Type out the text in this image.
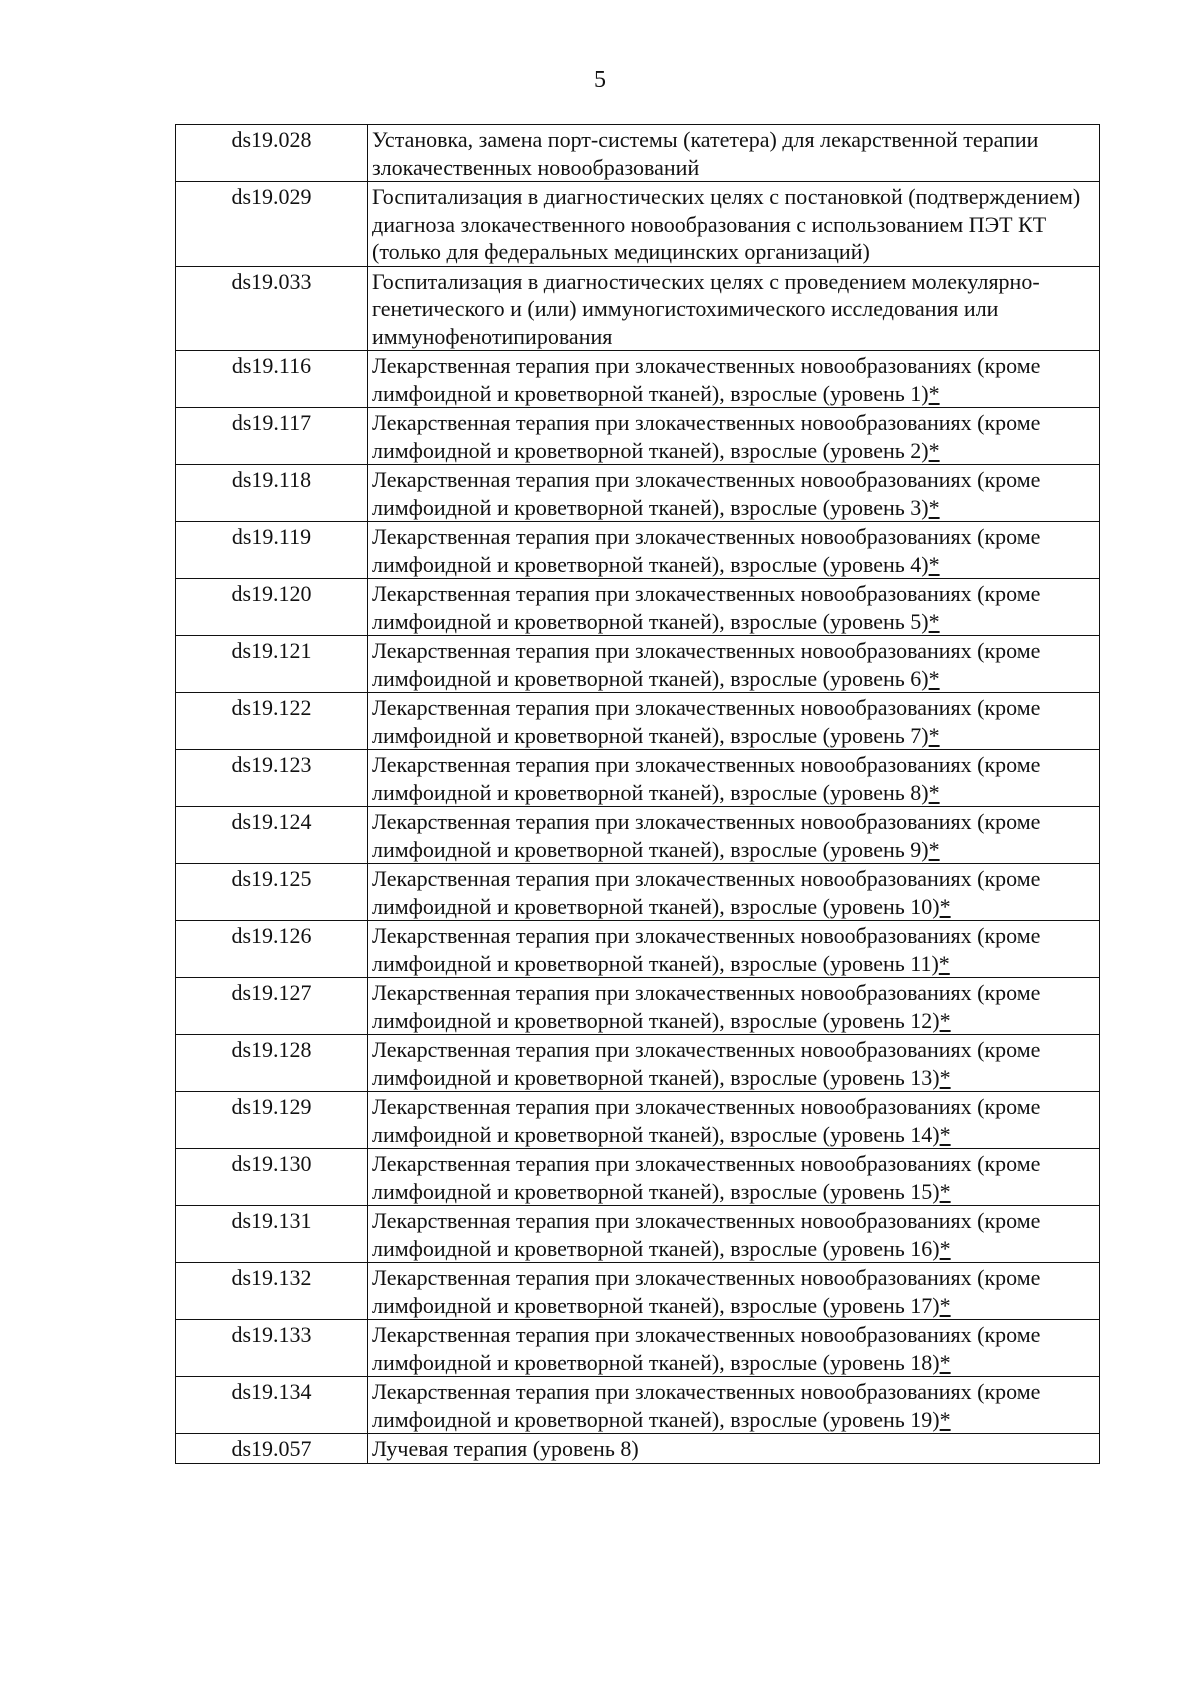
5
ds19.028	Установка, замена порт-системы (катетера) для лекарственной терапии злокачественных новообразований
ds19.029	Госпитализация в диагностических целях с постановкой (подтверждением) диагноза злокачественного новообразования с использованием ПЭТ КТ (только для федеральных медицинских организаций)
ds19.033	Госпитализация в диагностических целях с проведением молекулярно-генетического и (или) иммуногистохимического исследования или иммунофенотипирования
ds19.116	Лекарственная терапия при злокачественных новообразованиях (кроме лимфоидной и кроветворной тканей), взрослые (уровень 1)*
ds19.117	Лекарственная терапия при злокачественных новообразованиях (кроме лимфоидной и кроветворной тканей), взрослые (уровень 2)*
ds19.118	Лекарственная терапия при злокачественных новообразованиях (кроме лимфоидной и кроветворной тканей), взрослые (уровень 3)*
ds19.119	Лекарственная терапия при злокачественных новообразованиях (кроме лимфоидной и кроветворной тканей), взрослые (уровень 4)*
ds19.120	Лекарственная терапия при злокачественных новообразованиях (кроме лимфоидной и кроветворной тканей), взрослые (уровень 5)*
ds19.121	Лекарственная терапия при злокачественных новообразованиях (кроме лимфоидной и кроветворной тканей), взрослые (уровень 6)*
ds19.122	Лекарственная терапия при злокачественных новообразованиях (кроме лимфоидной и кроветворной тканей), взрослые (уровень 7)*
ds19.123	Лекарственная терапия при злокачественных новообразованиях (кроме лимфоидной и кроветворной тканей), взрослые (уровень 8)*
ds19.124	Лекарственная терапия при злокачественных новообразованиях (кроме лимфоидной и кроветворной тканей), взрослые (уровень 9)*
ds19.125	Лекарственная терапия при злокачественных новообразованиях (кроме лимфоидной и кроветворной тканей), взрослые (уровень 10)*
ds19.126	Лекарственная терапия при злокачественных новообразованиях (кроме лимфоидной и кроветворной тканей), взрослые (уровень 11)*
ds19.127	Лекарственная терапия при злокачественных новообразованиях (кроме лимфоидной и кроветворной тканей), взрослые (уровень 12)*
ds19.128	Лекарственная терапия при злокачественных новообразованиях (кроме лимфоидной и кроветворной тканей), взрослые (уровень 13)*
ds19.129	Лекарственная терапия при злокачественных новообразованиях (кроме лимфоидной и кроветворной тканей), взрослые (уровень 14)*
ds19.130	Лекарственная терапия при злокачественных новообразованиях (кроме лимфоидной и кроветворной тканей), взрослые (уровень 15)*
ds19.131	Лекарственная терапия при злокачественных новообразованиях (кроме лимфоидной и кроветворной тканей), взрослые (уровень 16)*
ds19.132	Лекарственная терапия при злокачественных новообразованиях (кроме лимфоидной и кроветворной тканей), взрослые (уровень 17)*
ds19.133	Лекарственная терапия при злокачественных новообразованиях (кроме лимфоидной и кроветворной тканей), взрослые (уровень 18)*
ds19.134	Лекарственная терапия при злокачественных новообразованиях (кроме лимфоидной и кроветворной тканей), взрослые (уровень 19)*
ds19.057	Лучевая терапия (уровень 8)
